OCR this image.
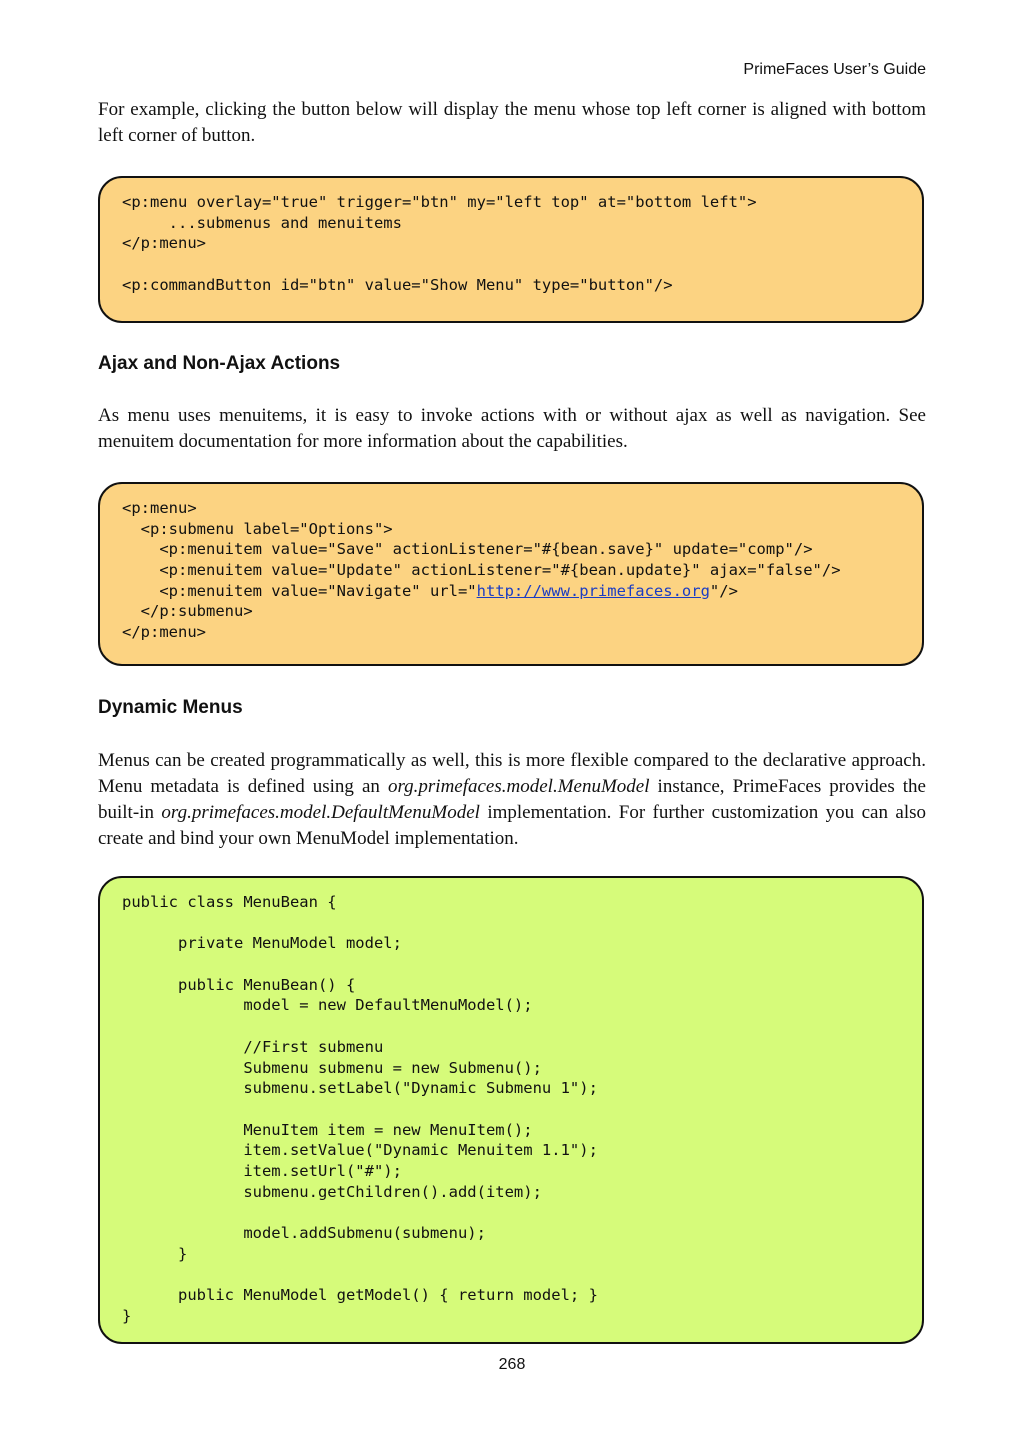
PrimeFaces User’s Guide

For example, clicking the button below will display the menu whose top left corner is aligned with bottom left corner of button.

<p:menu overlay="true" trigger="btn" my="left top" at="bottom left">
...submenus and menuitems
</p:menu>
<p:commandButton id="btn" value="Show Menu" type="button"/>
Ajax and Non-Ajax Actions

As menu uses menuitems, it is easy to invoke actions with or without ajax as well as navigation. See menuitem documentation for more information about the capabilities.

<p:menu>
<p:submenu label="Options">
<p:menuitem value="Save" actionListener="#{bean.save}" update="comp"/>
<p:menuitem value="Update" actionListener="#{bean.update}" ajax="false"/>
<p:menuitem value="Navigate" url="http://www.primefaces.org"/>
</p:submenu>
</p:menu>
Dynamic Menus

Menus can be created programmatically as well, this is more flexible compared to the declarative approach. Menu metadata is defined using an org.primefaces.model.MenuModel instance, PrimeFaces provides the built-in org.primefaces.model.DefaultMenuModel implementation. For further customization you can also create and bind your own MenuModel implementation.

public class MenuBean {
private MenuModel model;
public MenuBean() {
model = new DefaultMenuModel();
//First submenu
Submenu submenu = new Submenu();
submenu.setLabel("Dynamic Submenu 1");
MenuItem item = new MenuItem();
item.setValue("Dynamic Menuitem 1.1");
item.setUrl("#");
submenu.getChildren().add(item);
model.addSubmenu(submenu);
}
public MenuModel getModel() { return model; }
}
268
